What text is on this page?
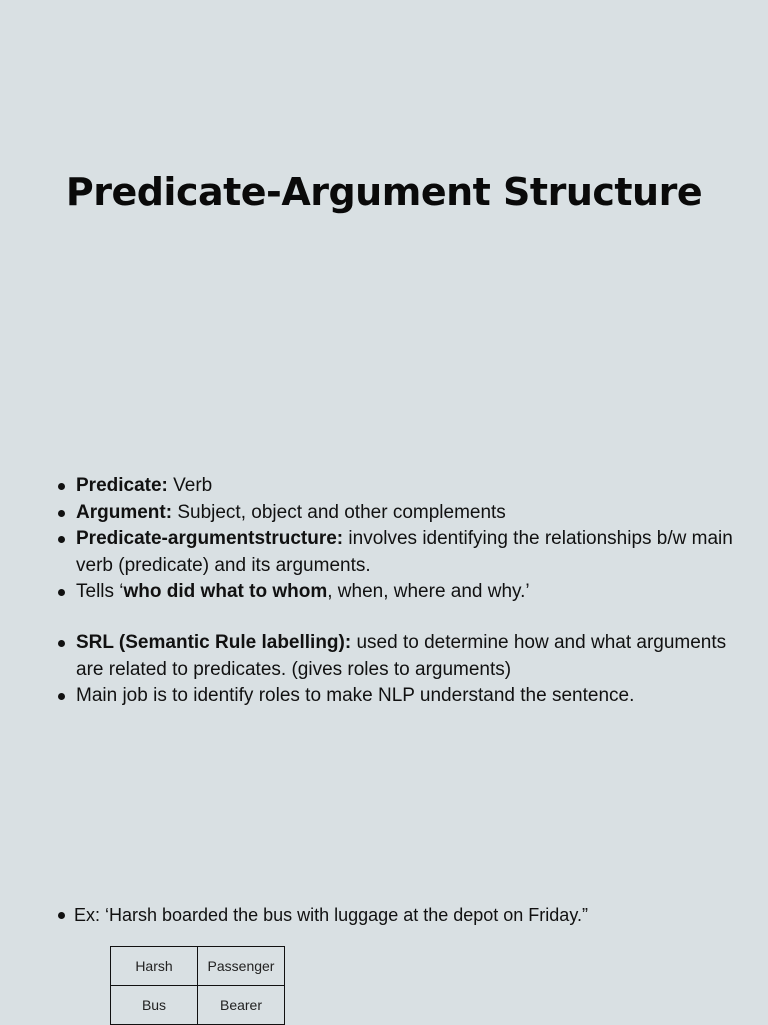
Predicate-Argument Structure
Predicate: Verb
Argument: Subject, object and other complements
Predicate-argumentstructure: involves identifying the relationships b/w main verb (predicate) and its arguments.
Tells ‘who did what to whom, when, where and why.’
SRL (Semantic Rule labelling): used to determine how and what arguments are related to predicates. (gives roles to arguments)
Main job is to identify roles to make NLP understand the sentence.
Ex: ‘Harsh boarded the bus with luggage at the depot on Friday.”
Harsh	Passenger
Bus	Bearer
